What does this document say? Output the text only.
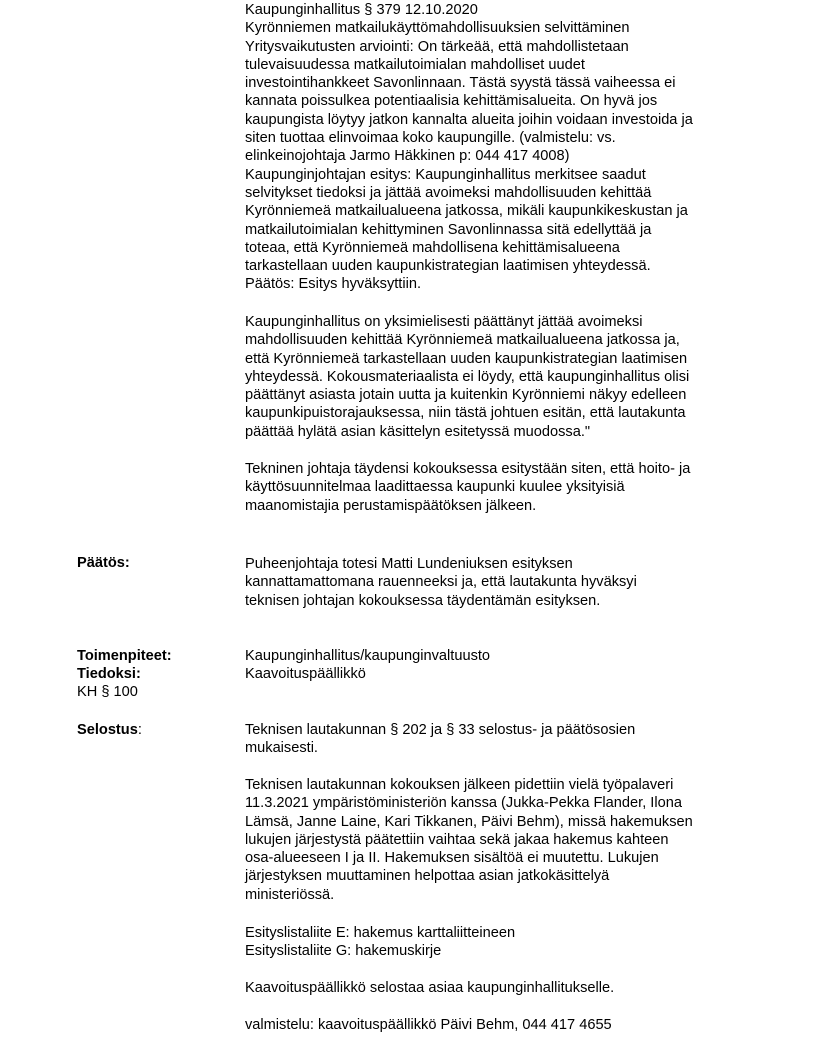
Kaupunginhallitus § 379 12.10.2020
Kyrönniemen matkailukäyttömahdollisuuksien selvittäminen
Yritysvaikutusten arviointi: On tärkeää, että mahdollistetaan
tulevaisuudessa matkailutoimialan mahdolliset uudet
investointihankkeet Savonlinnaan. Tästä syystä tässä vaiheessa ei
kannata poissulkea potentiaalisia kehittämisalueita. On hyvä jos
kaupungista löytyy jatkon kannalta alueita joihin voidaan investoida ja
siten tuottaa elinvoimaa koko kaupungille. (valmistelu: vs.
elinkeinojohtaja Jarmo Häkkinen p: 044 417 4008)
Kaupunginjohtajan esitys: Kaupunginhallitus merkitsee saadut
selvitykset tiedoksi ja jättää avoimeksi mahdollisuuden kehittää
Kyrönniemeä matkailualueena jatkossa, mikäli kaupunkikeskustan ja
matkailutoimialan kehittyminen Savonlinnassa sitä edellyttää ja
toteaa, että Kyrönniemeä mahdollisena kehittämisalueena
tarkastellaan uuden kaupunkistrategian laatimisen yhteydessä.
Päätös: Esitys hyväksyttiin.
Kaupunginhallitus on yksimielisesti päättänyt jättää avoimeksi
mahdollisuuden kehittää Kyrönniemeä matkailualueena jatkossa ja,
että Kyrönniemeä tarkastellaan uuden kaupunkistrategian laatimisen
yhteydessä. Kokousmateriaalista ei löydy, että kaupunginhallitus olisi
päättänyt asiasta jotain uutta ja kuitenkin Kyrönniemi näkyy edelleen
kaupunkipuistorajauksessa, niin tästä johtuen esitän, että lautakunta
päättää hylätä asian käsittelyn esitetyssä muodossa."
Tekninen johtaja täydensi kokouksessa esitystään siten, että hoito- ja
käyttösuunnitelmaa laadittaessa kaupunki kuulee yksityisiä
maanomistajia perustamispäätöksen jälkeen.
Päätös:	Puheenjohtaja totesi Matti Lundeniuksen esityksen
kannattamattomana rauenneeksi ja, että lautakunta hyväksyi
teknisen johtajan kokouksessa täydentämän esityksen.
Toimenpiteet:
Tiedoksi:
KH § 100
Kaupunginhallitus/kaupunginvaltuusto
Kaavoituspäällikkö
Selostus:	Teknisen lautakunnan § 202 ja § 33 selostus- ja päätösosien
mukaisesti.
Teknisen lautakunnan kokouksen jälkeen pidettiin vielä työpalaveri
11.3.2021 ympäristöministeriön kanssa (Jukka-Pekka Flander, Ilona
Lämsä, Janne Laine, Kari Tikkanen, Päivi Behm), missä hakemuksen
lukujen järjestystä päätettiin vaihtaa sekä jakaa hakemus kahteen
osa-alueeseen I ja II. Hakemuksen sisältöä ei muutettu. Lukujen
järjestyksen muuttaminen helpottaa asian jatkokäsittelyä
ministeriössä.
Esityslistaliite E: hakemus karttaliitteineen
Esityslistaliite G: hakemuskirje
Kaavoituspäällikkö selostaa asiaa kaupunginhallitukselle.
valmistelu: kaavoituspäällikkö Päivi Behm, 044 417 4655
